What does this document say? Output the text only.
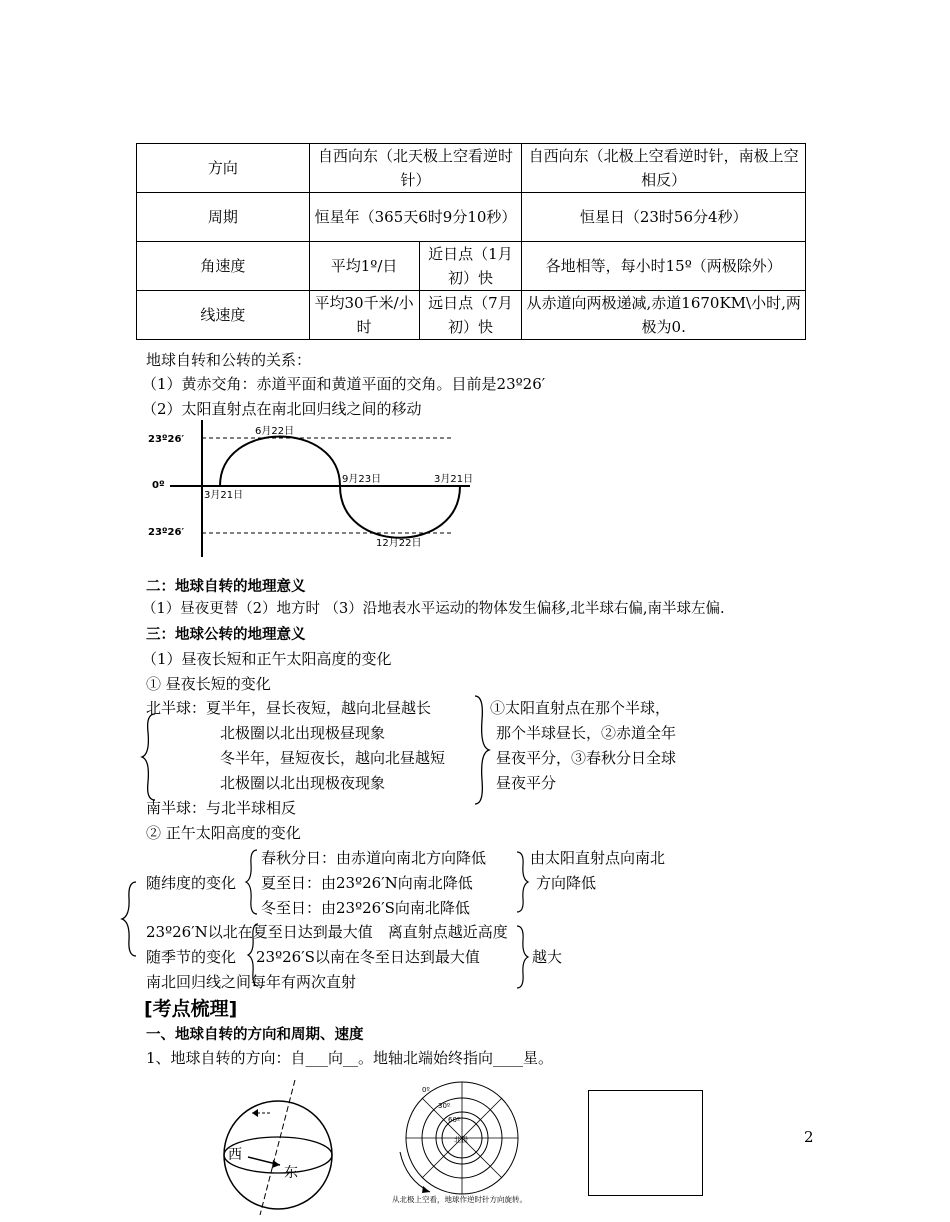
方向	自西向东（北天极上空看逆时针）		自西向东（北极上空看逆时针，南极上空相反）
周期	恒星年（365天6时9分10秒）		恒星日（23时56分4秒）
角速度	平均1º/日	近日点（1月初）快	各地相等，每小时15º（两极除外）
线速度	平均30千米/小时	远日点（7月初）快	从赤道向两极递减,赤道1670KM\小时,两极为0.
地球自转和公转的关系：
（1）黄赤交角：赤道平面和黄道平面的交角。目前是23º26′
（2）太阳直射点在南北回归线之间的移动
23º26′
0º
23º26′
6月22日
3月21日
9月23日	3月21日
12月22日
二：地球自转的地理意义
（1）昼夜更替（2）地方时 （3）沿地表水平运动的物体发生偏移,北半球右偏,南半球左偏.
三：地球公转的地理意义
（1）昼夜长短和正午太阳高度的变化
① 昼夜长短的变化
北半球：夏半年，昼长夜短，越向北昼越长
北极圈以北出现极昼现象
冬半年，昼短夜长，越向北昼越短
北极圈以北出现极夜现象
南半球：与北半球相反
①太阳直射点在那个半球，
那个半球昼长，②赤道全年
昼夜平分，③春秋分日全球
昼夜平分
② 正午太阳高度的变化
随纬度的变化
春秋分日：由赤道向南北方向降低
夏至日：由23º26′N向南北降低
冬至日：由23º26′S向南北降低
由太阳直射点向南北
方向降低
23º26′N以北在夏至日达到最大值　离直射点越近高度
随季节的变化 23º26′S以南在冬至日达到最大值	越大
南北回归线之间每年有两次直射
[考点梳理]
一、地球自转的方向和周期、速度
1、地球自转的方向：自___向__。地轴北端始终指向____星。
西
东
0º
30º
60º
北极
从北极上空看，地球作逆时针方向旋转。
2
